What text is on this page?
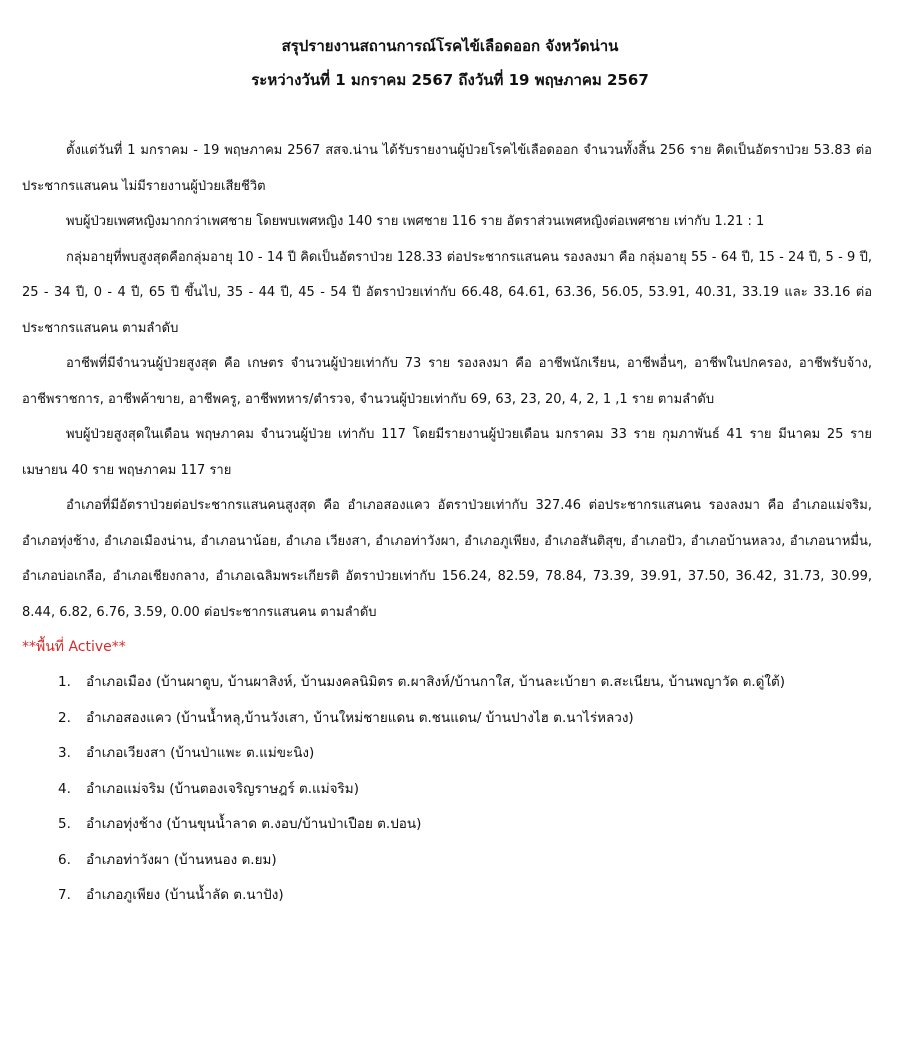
สรุปรายงานสถานการณ์โรคไข้เลือดออก จังหวัดน่าน
ระหว่างวันที่ 1 มกราคม 2567 ถึงวันที่ 19 พฤษภาคม 2567

ตั้งแต่วันที่ 1 มกราคม - 19 พฤษภาคม 2567 สสจ.น่าน ได้รับรายงานผู้ป่วยโรคไข้เลือดออก จำนวนทั้งสิ้น 256 ราย คิดเป็นอัตราป่วย 53.83 ต่อประชากรแสนคน ไม่มีรายงานผู้ป่วยเสียชีวิต

พบผู้ป่วยเพศหญิงมากกว่าเพศชาย โดยพบเพศหญิง 140 ราย เพศชาย 116 ราย อัตราส่วนเพศหญิงต่อเพศชาย เท่ากับ 1.21 : 1

กลุ่มอายุที่พบสูงสุดคือกลุ่มอายุ 10 - 14 ปี คิดเป็นอัตราป่วย 128.33 ต่อประชากรแสนคน รองลงมา คือ กลุ่มอายุ 55 - 64 ปี, 15 - 24 ปี, 5 - 9 ปี, 25 - 34 ปี, 0 - 4 ปี, 65 ปี ขึ้นไป, 35 - 44 ปี, 45 - 54 ปี อัตราป่วยเท่ากับ 66.48, 64.61, 63.36, 56.05, 53.91, 40.31, 33.19 และ 33.16 ต่อประชากรแสนคน ตามลำดับ

อาชีพที่มีจำนวนผู้ป่วยสูงสุด คือ เกษตร จำนวนผู้ป่วยเท่ากับ 73 ราย รองลงมา คือ อาชีพนักเรียน, อาชีพอื่นๆ, อาชีพในปกครอง, อาชีพรับจ้าง, อาชีพราชการ, อาชีพค้าขาย, อาชีพครู, อาชีพทหาร/ตำรวจ, จำนวนผู้ป่วยเท่ากับ 69, 63, 23, 20, 4, 2, 1 ,1 ราย ตามลำดับ

พบผู้ป่วยสูงสุดในเดือน พฤษภาคม จำนวนผู้ป่วย เท่ากับ 117 โดยมีรายงานผู้ป่วยเดือน มกราคม 33 ราย กุมภาพันธ์ 41 ราย มีนาคม 25 ราย เมษายน 40 ราย พฤษภาคม 117 ราย

อำเภอที่มีอัตราป่วยต่อประชากรแสนคนสูงสุด คือ อำเภอสองแคว อัตราป่วยเท่ากับ 327.46 ต่อประชากรแสนคน รองลงมา คือ อำเภอแม่จริม, อำเภอทุ่งช้าง, อำเภอเมืองน่าน, อำเภอนาน้อย, อำเภอ เวียงสา, อำเภอท่าวังผา, อำเภอภูเพียง, อำเภอสันติสุข, อำเภอปัว, อำเภอบ้านหลวง, อำเภอนาหมื่น, อำเภอบ่อเกลือ, อำเภอเชียงกลาง, อำเภอเฉลิมพระเกียรติ อัตราป่วยเท่ากับ 156.24, 82.59, 78.84, 73.39, 39.91, 37.50, 36.42, 31.73, 30.99, 8.44, 6.82, 6.76, 3.59, 0.00 ต่อประชากรแสนคน ตามลำดับ

**พื้นที่ Active**

1. อำเภอเมือง (บ้านผาตูบ, บ้านผาสิงห์, บ้านมงคลนิมิตร ต.ผาสิงห์/บ้านกาใส, บ้านละเบ้ายา ต.สะเนียน, บ้านพญาวัด ต.ดู่ใต้)
2. อำเภอสองแคว (บ้านน้ำหลุ,บ้านวังเสา, บ้านใหม่ชายแดน ต.ชนแดน/ บ้านปางไฮ ต.นาไร่หลวง)
3. อำเภอเวียงสา (บ้านป่าแพะ ต.แม่ขะนิง)
4. อำเภอแม่จริม (บ้านตองเจริญราษฎร์ ต.แม่จริม)
5. อำเภอทุ่งช้าง (บ้านขุนน้ำลาด ต.งอบ/บ้านป่าเปือย ต.ปอน)
6. อำเภอท่าวังผา (บ้านหนอง ต.ยม)
7. อำเภอภูเพียง (บ้านน้ำลัด ต.นาปัง)
